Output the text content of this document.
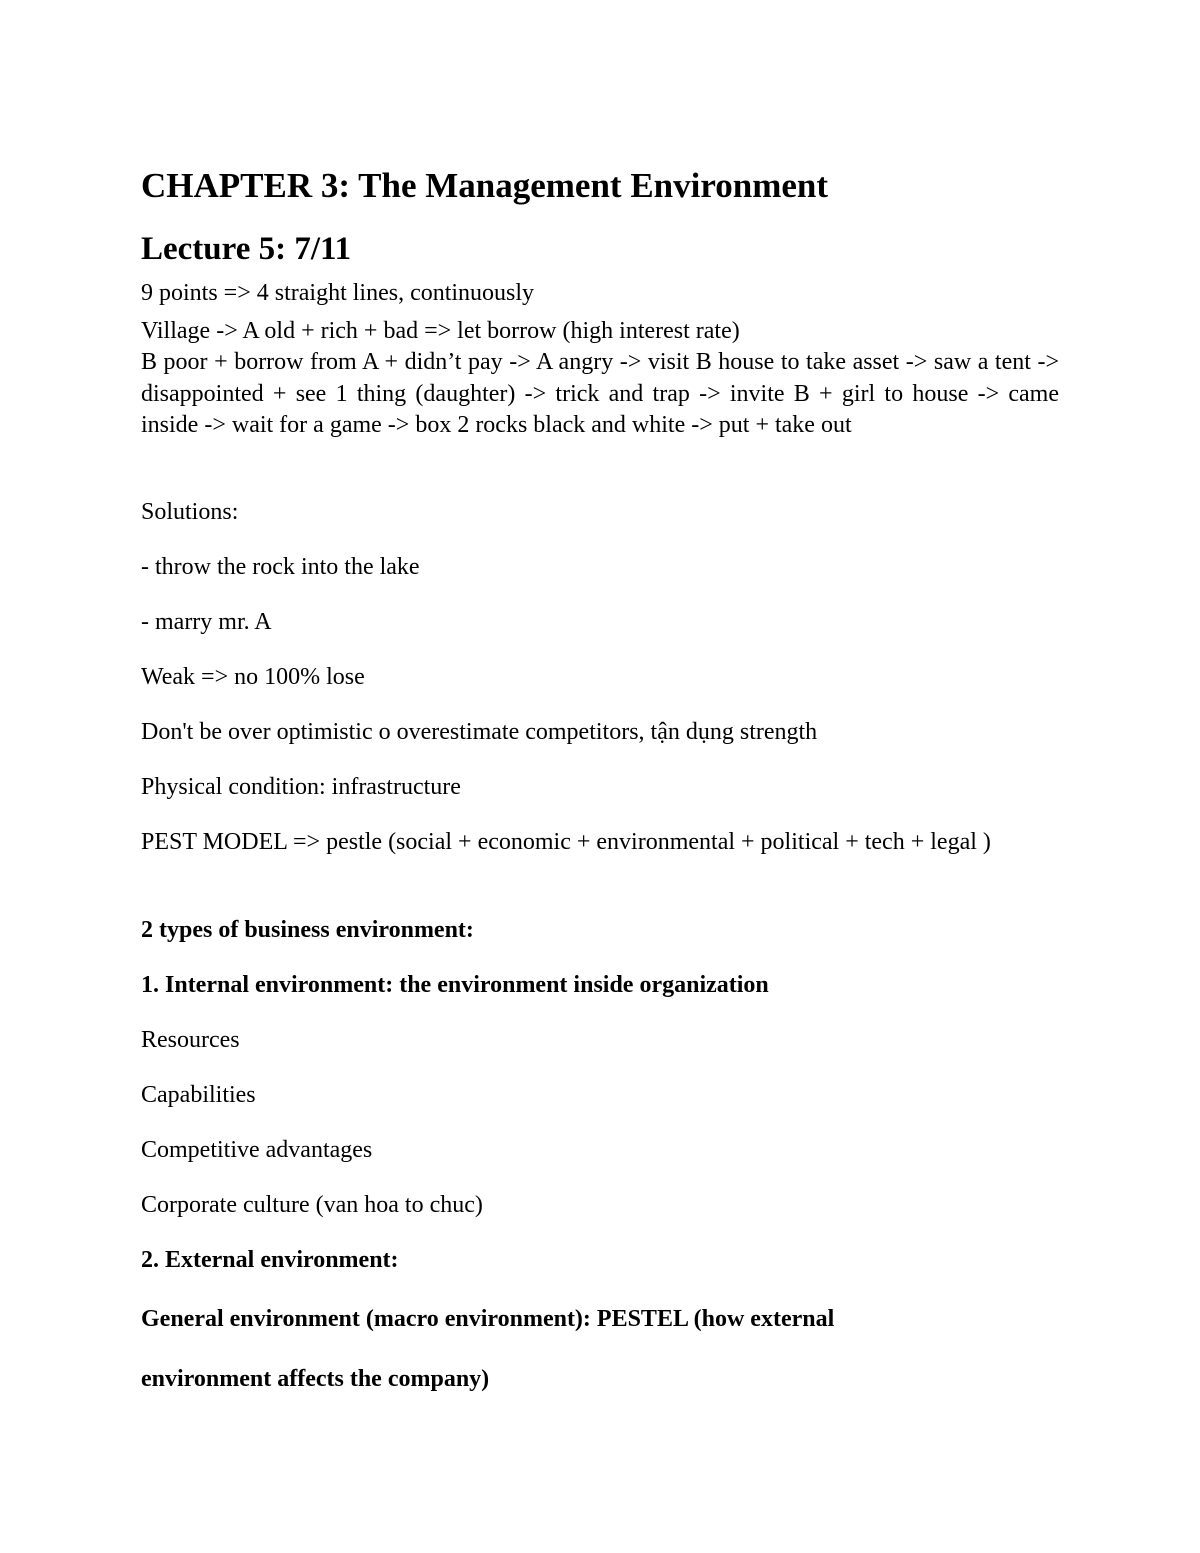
CHAPTER 3: The Management Environment
Lecture 5: 7/11
9 points => 4 straight lines, continuously
Village -> A old + rich + bad => let borrow (high interest rate)
B poor + borrow from A + didn’t pay -> A angry -> visit B house to take asset -> saw a tent -> disappointed + see 1 thing (daughter) -> trick and trap -> invite B + girl to house -> came inside -> wait for a game -> box 2 rocks black and white -> put + take out
Solutions:
- throw the rock into the lake
- marry mr. A
Weak => no 100% lose
Don't be over optimistic o overestimate competitors, tận dụng strength
Physical condition: infrastructure
PEST MODEL => pestle (social + economic + environmental + political + tech + legal )
2 types of business environment:
1. Internal environment: the environment inside organization
Resources
Capabilities
Competitive advantages
Corporate culture (van hoa to chuc)
2. External environment:
General environment (macro environment): PESTEL (how external
environment affects the company)
